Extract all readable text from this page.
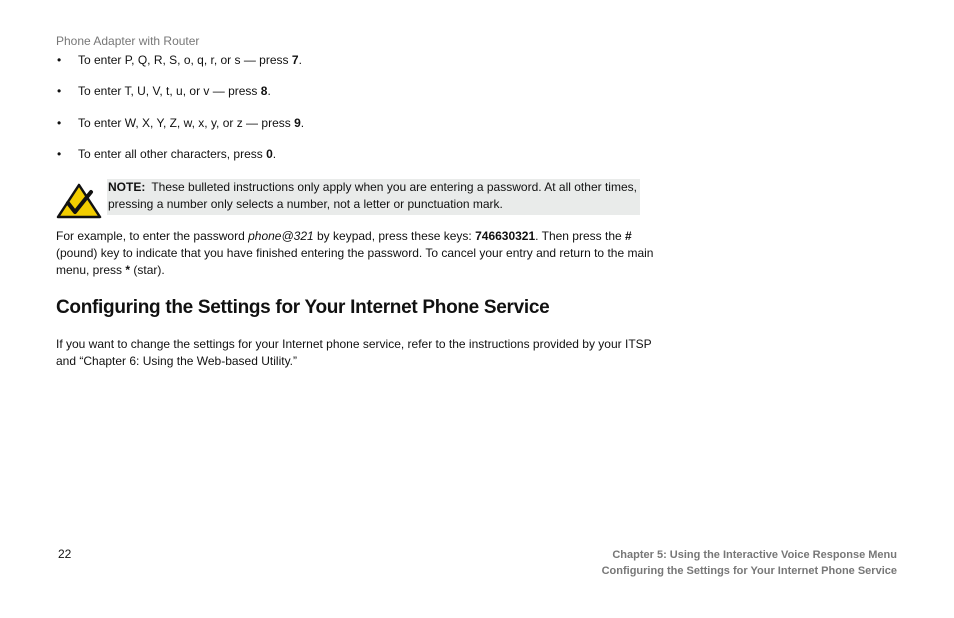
Phone Adapter with Router
• To enter P, Q, R, S, o, q, r, or s — press 7.
• To enter T, U, V, t, u, or v — press 8.
• To enter W, X, Y, Z, w, x, y, or z — press 9.
• To enter all other characters, press 0.
NOTE: These bulleted instructions only apply when you are entering a password. At all other times, pressing a number only selects a number, not a letter or punctuation mark.

For example, to enter the password phone@321 by keypad, press these keys: 746630321. Then press the # (pound) key to indicate that you have finished entering the password. To cancel your entry and return to the main menu, press * (star).

Configuring the Settings for Your Internet Phone Service

If you want to change the settings for your Internet phone service, refer to the instructions provided by your ITSP and “Chapter 6: Using the Web-based Utility.”

22	Chapter 5: Using the Interactive Voice Response Menu
Configuring the Settings for Your Internet Phone Service
